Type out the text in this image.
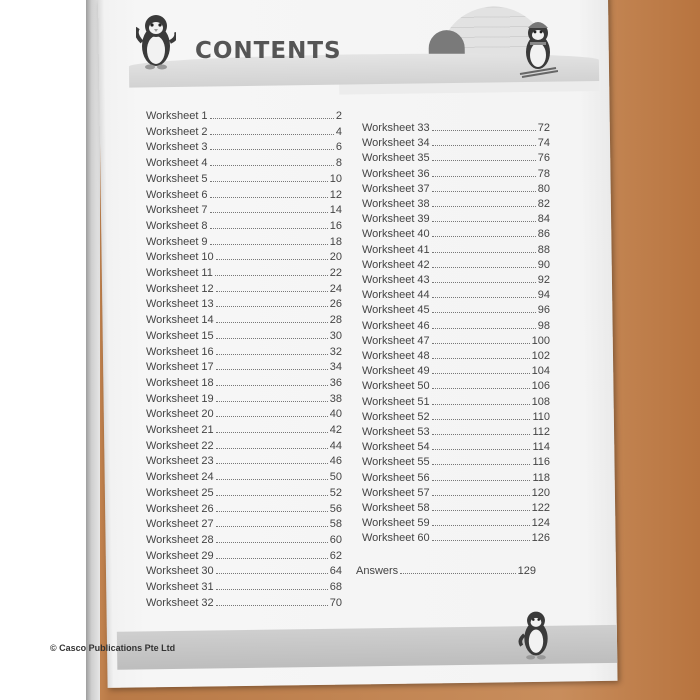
CONTENTS
Worksheet 1	2
Worksheet 2	4
Worksheet 3	6
Worksheet 4	8
Worksheet 5	10
Worksheet 6	12
Worksheet 7	14
Worksheet 8	16
Worksheet 9	18
Worksheet 10	20
Worksheet 11	22
Worksheet 12	24
Worksheet 13	26
Worksheet 14	28
Worksheet 15	30
Worksheet 16	32
Worksheet 17	34
Worksheet 18	36
Worksheet 19	38
Worksheet 20	40
Worksheet 21	42
Worksheet 22	44
Worksheet 23	46
Worksheet 24	50
Worksheet 25	52
Worksheet 26	56
Worksheet 27	58
Worksheet 28	60
Worksheet 29	62
Worksheet 30	64
Worksheet 31	68
Worksheet 32	70
Worksheet 33	72
Worksheet 34	74
Worksheet 35	76
Worksheet 36	78
Worksheet 37	80
Worksheet 38	82
Worksheet 39	84
Worksheet 40	86
Worksheet 41	88
Worksheet 42	90
Worksheet 43	92
Worksheet 44	94
Worksheet 45	96
Worksheet 46	98
Worksheet 47	100
Worksheet 48	102
Worksheet 49	104
Worksheet 50	106
Worksheet 51	108
Worksheet 52	110
Worksheet 53	112
Worksheet 54	114
Worksheet 55	116
Worksheet 56	118
Worksheet 57	120
Worksheet 58	122
Worksheet 59	124
Worksheet 60	126
Answers	129
© Casco Publications Pte Ltd
